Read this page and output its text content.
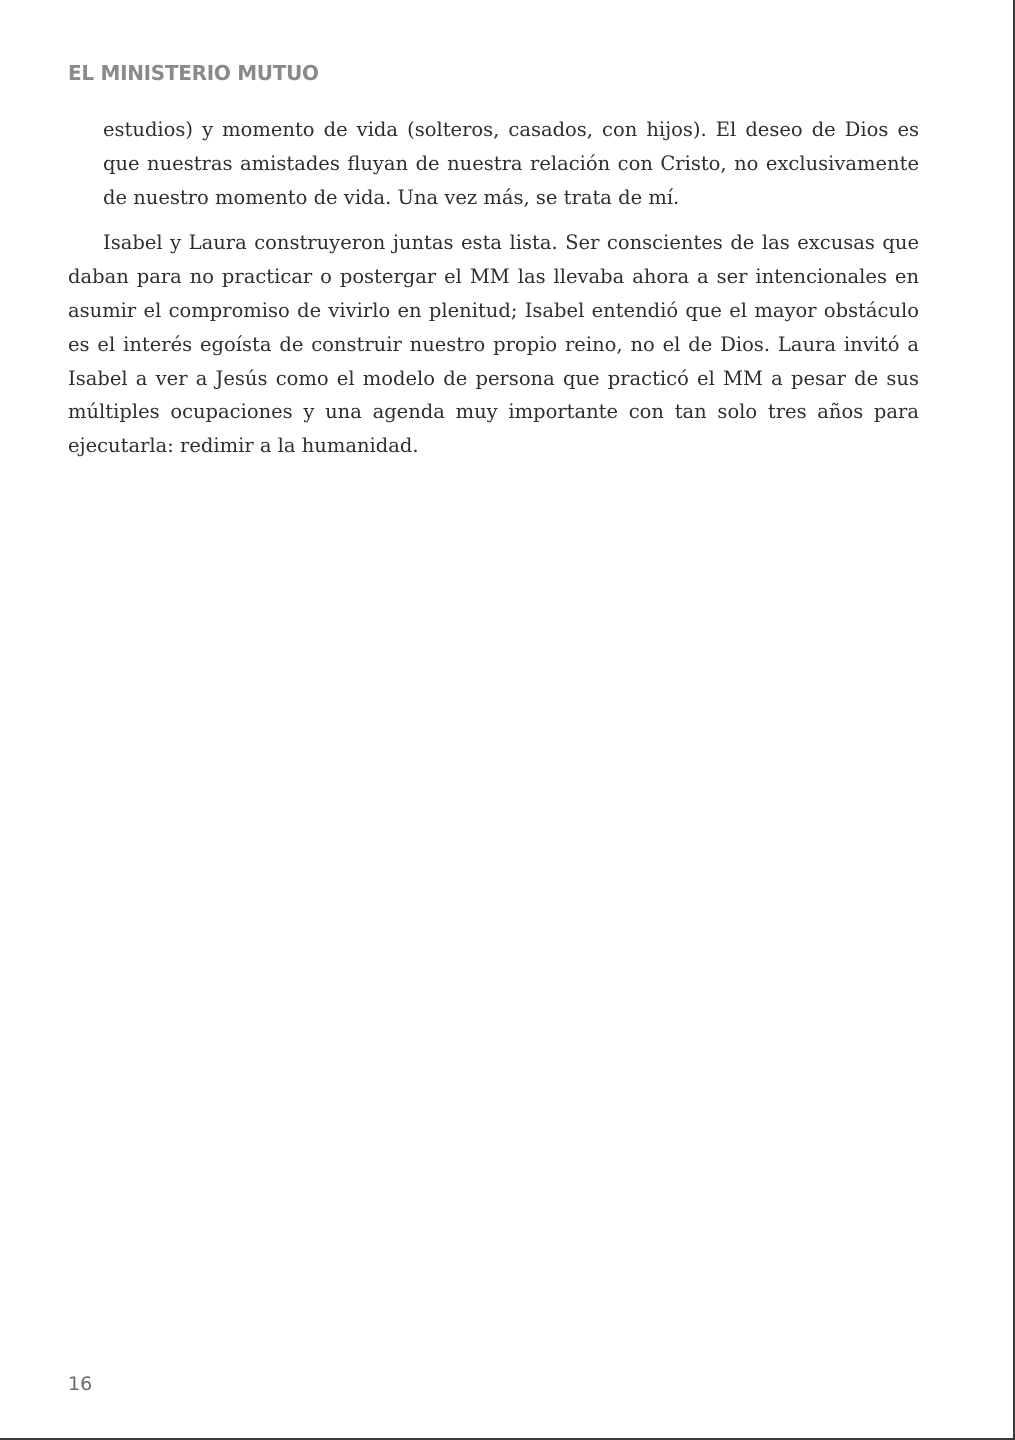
EL MINISTERIO MUTUO

estudios) y momento de vida (solteros, casados, con hijos). El deseo de Dios es que nuestras amistades fluyan de nuestra relación con Cristo, no exclusivamente de nuestro momento de vida. Una vez más, se trata de mí.

Isabel y Laura construyeron juntas esta lista. Ser conscientes de las excusas que daban para no practicar o postergar el MM las llevaba ahora a ser intencionales en asumir el compromiso de vivirlo en plenitud; Isabel entendió que el mayor obstáculo es el interés egoísta de construir nuestro propio reino, no el de Dios. Laura invitó a Isabel a ver a Jesús como el modelo de persona que practicó el MM a pesar de sus múltiples ocupaciones y una agenda muy importante con tan solo tres años para ejecutarla: redimir a la humanidad.

16
